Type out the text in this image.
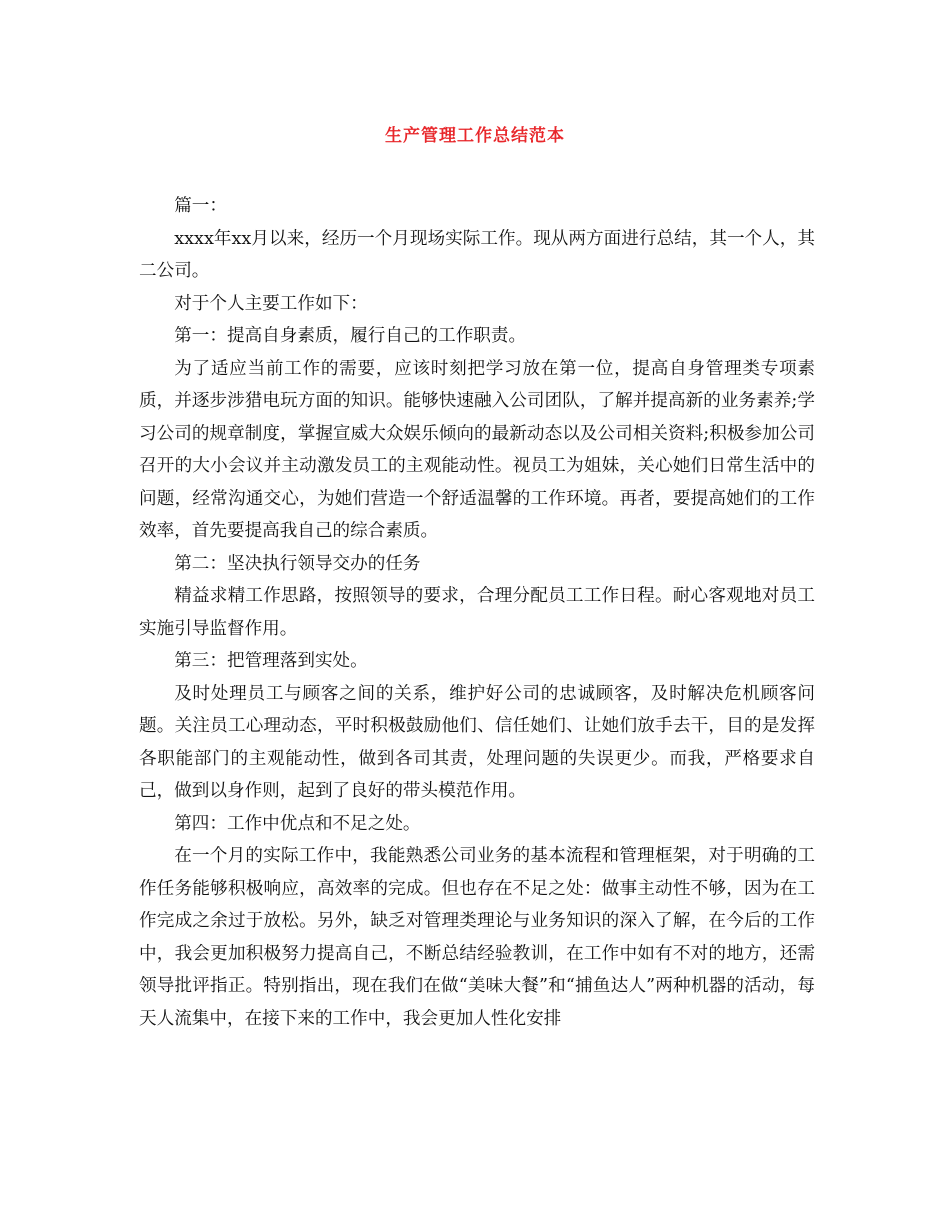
生产管理工作总结范本

篇一：

xxxx年xx月以来，经历一个月现场实际工作。现从两方面进行总结，其一个人，其二公司。

对于个人主要工作如下：

第一：提高自身素质，履行自己的工作职责。

为了适应当前工作的需要，应该时刻把学习放在第一位，提高自身管理类专项素质，并逐步涉猎电玩方面的知识。能够快速融入公司团队，了解并提高新的业务素养;学习公司的规章制度，掌握宣威大众娱乐倾向的最新动态以及公司相关资料;积极参加公司召开的大小会议并主动激发员工的主观能动性。视员工为姐妹，关心她们日常生活中的问题，经常沟通交心，为她们营造一个舒适温馨的工作环境。再者，要提高她们的工作效率，首先要提高我自己的综合素质。

第二：坚决执行领导交办的任务

精益求精工作思路，按照领导的要求，合理分配员工工作日程。耐心客观地对员工实施引导监督作用。

第三：把管理落到实处。

及时处理员工与顾客之间的关系，维护好公司的忠诚顾客，及时解决危机顾客问题。关注员工心理动态，平时积极鼓励他们、信任她们、让她们放手去干，目的是发挥各职能部门的主观能动性，做到各司其责，处理问题的失误更少。而我，严格要求自己，做到以身作则，起到了良好的带头模范作用。

第四：工作中优点和不足之处。

在一个月的实际工作中，我能熟悉公司业务的基本流程和管理框架，对于明确的工作任务能够积极响应，高效率的完成。但也存在不足之处：做事主动性不够，因为在工作完成之余过于放松。另外，缺乏对管理类理论与业务知识的深入了解，在今后的工作中，我会更加积极努力提高自己，不断总结经验教训，在工作中如有不对的地方，还需领导批评指正。特别指出，现在我们在做“美味大餐”和“捕鱼达人”两种机器的活动，每天人流集中，在接下来的工作中，我会更加人性化安排
